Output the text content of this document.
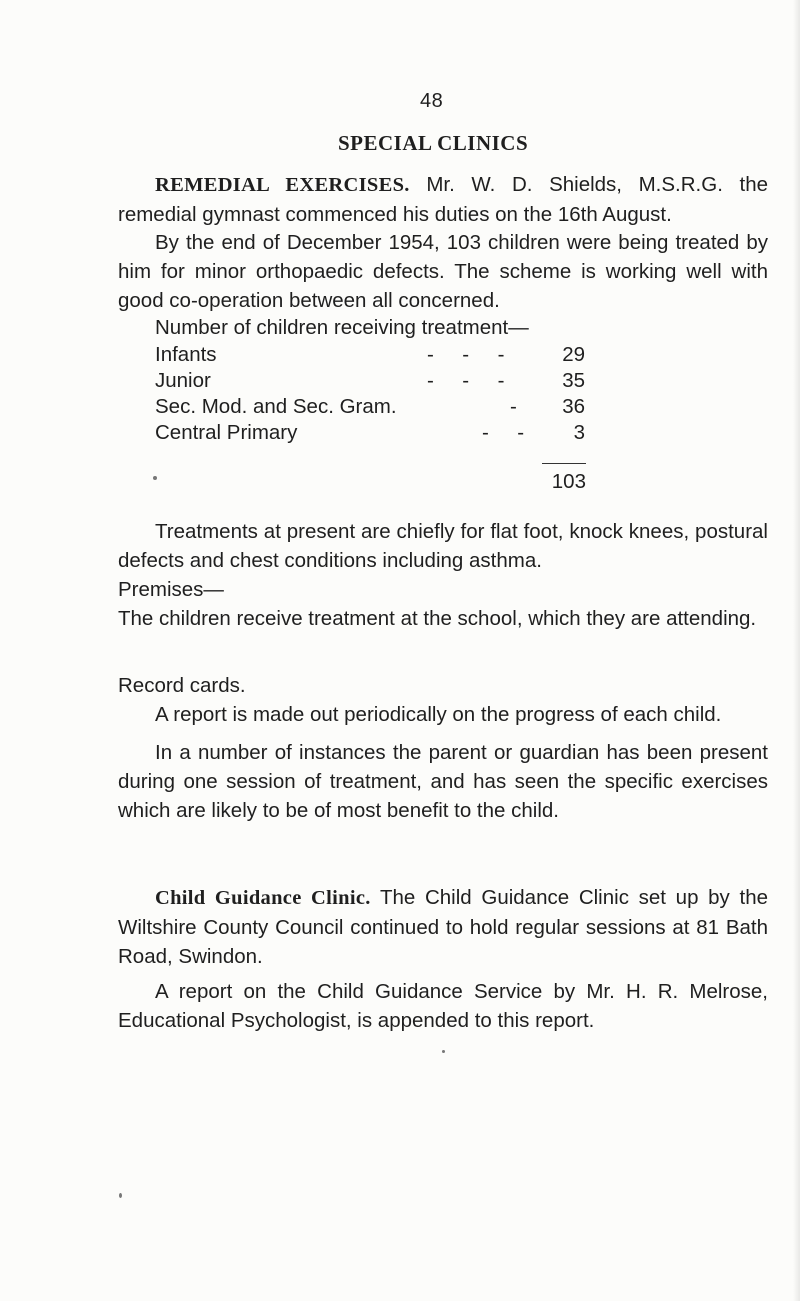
48
SPECIAL CLINICS
REMEDIAL EXERCISES. Mr. W. D. Shields, M.S.R.G. the remedial gymnast commenced his duties on the 16th August.
By the end of December 1954, 103 children were being treated by him for minor orthopaedic defects. The scheme is working well with good co-operation between all concerned.
Number of children receiving treatment—
Infants	-     -     -	29
Junior	-     -     -	35
Sec. Mod. and Sec. Gram.	-	36
Central Primary	-     -	3
103
Treatments at present are chiefly for flat foot, knock knees, postural defects and chest conditions including asthma.
Premises—
The children receive treatment at the school, which they are attending.
Record cards.
A report is made out periodically on the progress of each child.
In a number of instances the parent or guardian has been present during one session of treatment, and has seen the specific exercises which are likely to be of most benefit to the child.
Child Guidance Clinic. The Child Guidance Clinic set up by the Wiltshire County Council continued to hold regular sessions at 81 Bath Road, Swindon.
A report on the Child Guidance Service by Mr. H. R. Melrose, Educational Psychologist, is appended to this report.
